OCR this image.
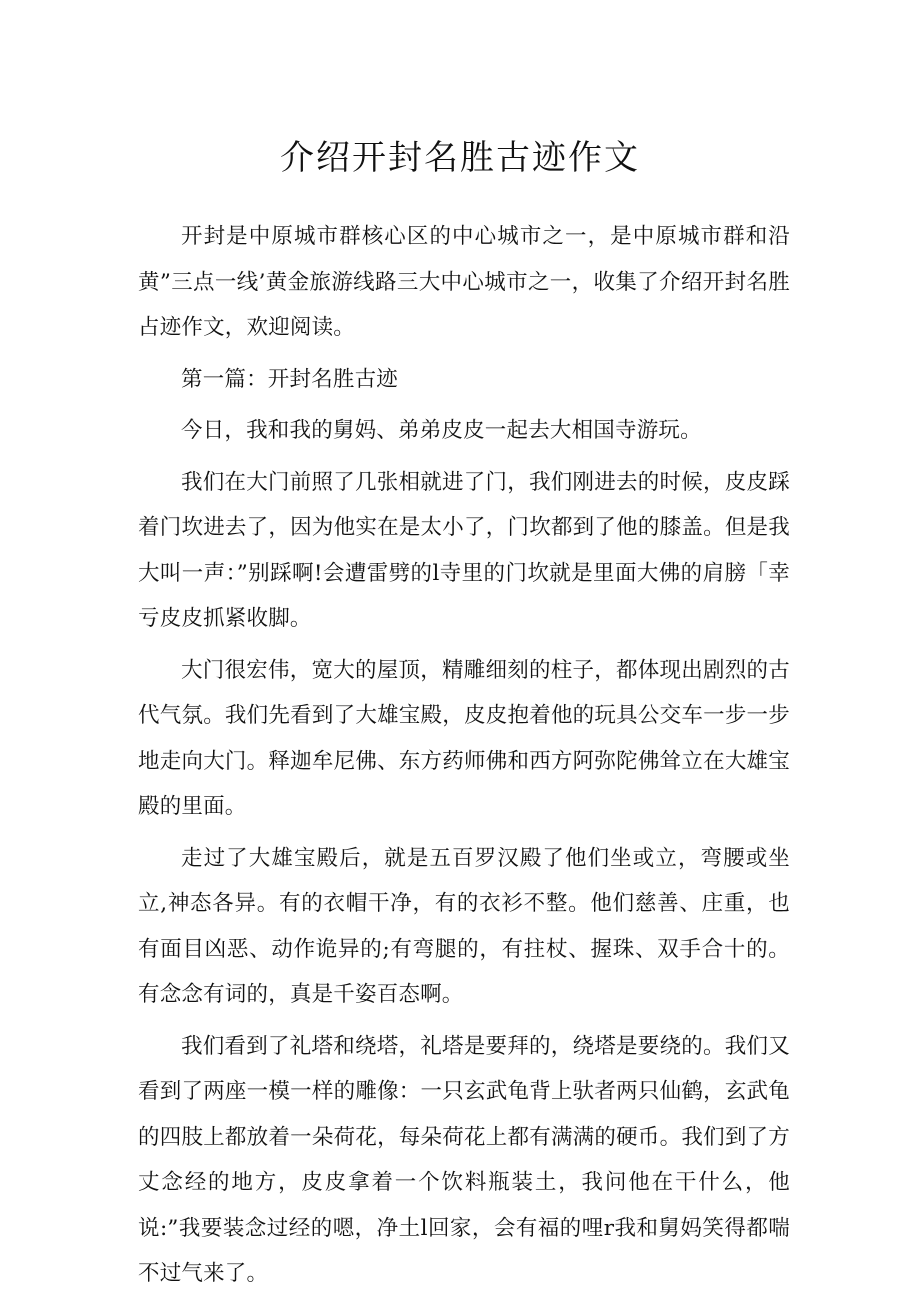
介绍开封名胜古迹作文

开封是中原城市群核心区的中心城市之一，是中原城市群和沿黄”三点一线’黄金旅游线路三大中心城市之一，收集了介绍开封名胜占迹作文，欢迎阅读。

第一篇：开封名胜古迹

今日，我和我的舅妈、弟弟皮皮一起去大相国寺游玩。

我们在大门前照了几张相就进了门，我们刚进去的时候，皮皮踩着门坎进去了，因为他实在是太小了，门坎都到了他的膝盖。但是我大叫一声：”别踩啊!会遭雷劈的l寺里的门坎就是里面大佛的肩膀「幸亏皮皮抓紧收脚。

大门很宏伟，宽大的屋顶，精雕细刻的柱子，都体现出剧烈的古代气氛。我们先看到了大雄宝殿，皮皮抱着他的玩具公交车一步一步地走向大门。释迦牟尼佛、东方药师佛和西方阿弥陀佛耸立在大雄宝殿的里面。

走过了大雄宝殿后，就是五百罗汉殿了他们坐或立，弯腰或坐立,神态各异。有的衣帽干净，有的衣衫不整。他们慈善、庄重，也有面目凶恶、动作诡异的;有弯腿的，有拄杖、握珠、双手合十的。有念念有词的，真是千姿百态啊。

我们看到了礼塔和绕塔，礼塔是要拜的，绕塔是要绕的。我们又看到了两座一模一样的雕像：一只玄武龟背上驮者两只仙鹤，玄武龟的四肢上都放着一朵荷花，每朵荷花上都有满满的硬币。我们到了方丈念经的地方，皮皮拿着一个饮料瓶装土，我问他在干什么，他说:”我要装念过经的嗯，净土l回家，会有福的哩r我和舅妈笑得都喘不过气来了。
